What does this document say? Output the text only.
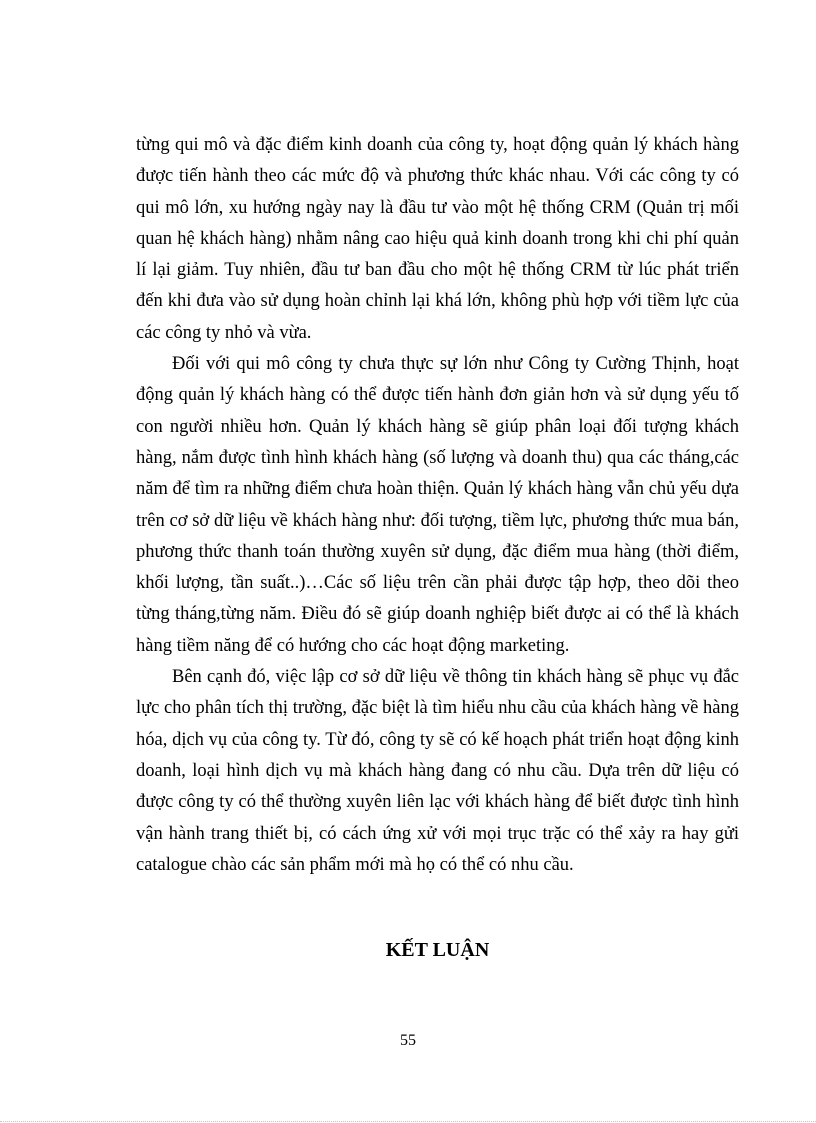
từng qui mô và đặc điểm kinh doanh của công ty, hoạt động quản lý khách hàng được tiến hành theo các mức độ và phương thức khác nhau. Với các công ty có qui mô lớn, xu hướng ngày nay là đầu tư vào một hệ thống CRM (Quản trị mối quan hệ khách hàng) nhằm nâng cao hiệu quả kinh doanh trong khi chi phí quản lí lại giảm. Tuy nhiên, đầu tư ban đầu cho một hệ thống CRM từ lúc phát triển đến khi đưa vào sử dụng hoàn chỉnh lại khá lớn, không phù hợp với tiềm lực của các công ty nhỏ và vừa.

Đối với qui mô công ty chưa thực sự lớn như Công ty Cường Thịnh, hoạt động quản lý khách hàng có thể được tiến hành đơn giản hơn và sử dụng yếu tố con người nhiều hơn. Quản lý khách hàng sẽ giúp phân loại đối tượng khách hàng, nắm được tình hình khách hàng (số lượng và doanh thu) qua các tháng,các năm để tìm ra những điểm chưa hoàn thiện. Quản lý khách hàng vẫn chủ yếu dựa trên cơ sở dữ liệu về khách hàng như: đối tượng, tiềm lực, phương thức mua bán, phương thức thanh toán thường xuyên sử dụng, đặc điểm mua hàng (thời điểm, khối lượng, tần suất..)…Các số liệu trên cần phải được tập hợp, theo dõi theo từng tháng,từng năm. Điều đó sẽ giúp doanh nghiệp biết được ai có thể là khách hàng tiềm năng để có hướng cho các hoạt động marketing.

Bên cạnh đó, việc lập cơ sở dữ liệu về thông tin khách hàng sẽ phục vụ đắc lực cho phân tích thị trường, đặc biệt là tìm hiểu nhu cầu của khách hàng về hàng hóa, dịch vụ của công ty. Từ đó, công ty sẽ có kế hoạch phát triển hoạt động kinh doanh, loại hình dịch vụ mà khách hàng đang có nhu cầu. Dựa trên dữ liệu có được công ty có thể thường xuyên liên lạc với khách hàng để biết được tình hình vận hành trang thiết bị, có cách ứng xử với mọi trục trặc có thể xảy ra hay gửi catalogue chào các sản phẩm mới mà họ có thể có nhu cầu.

KẾT LUẬN
55
